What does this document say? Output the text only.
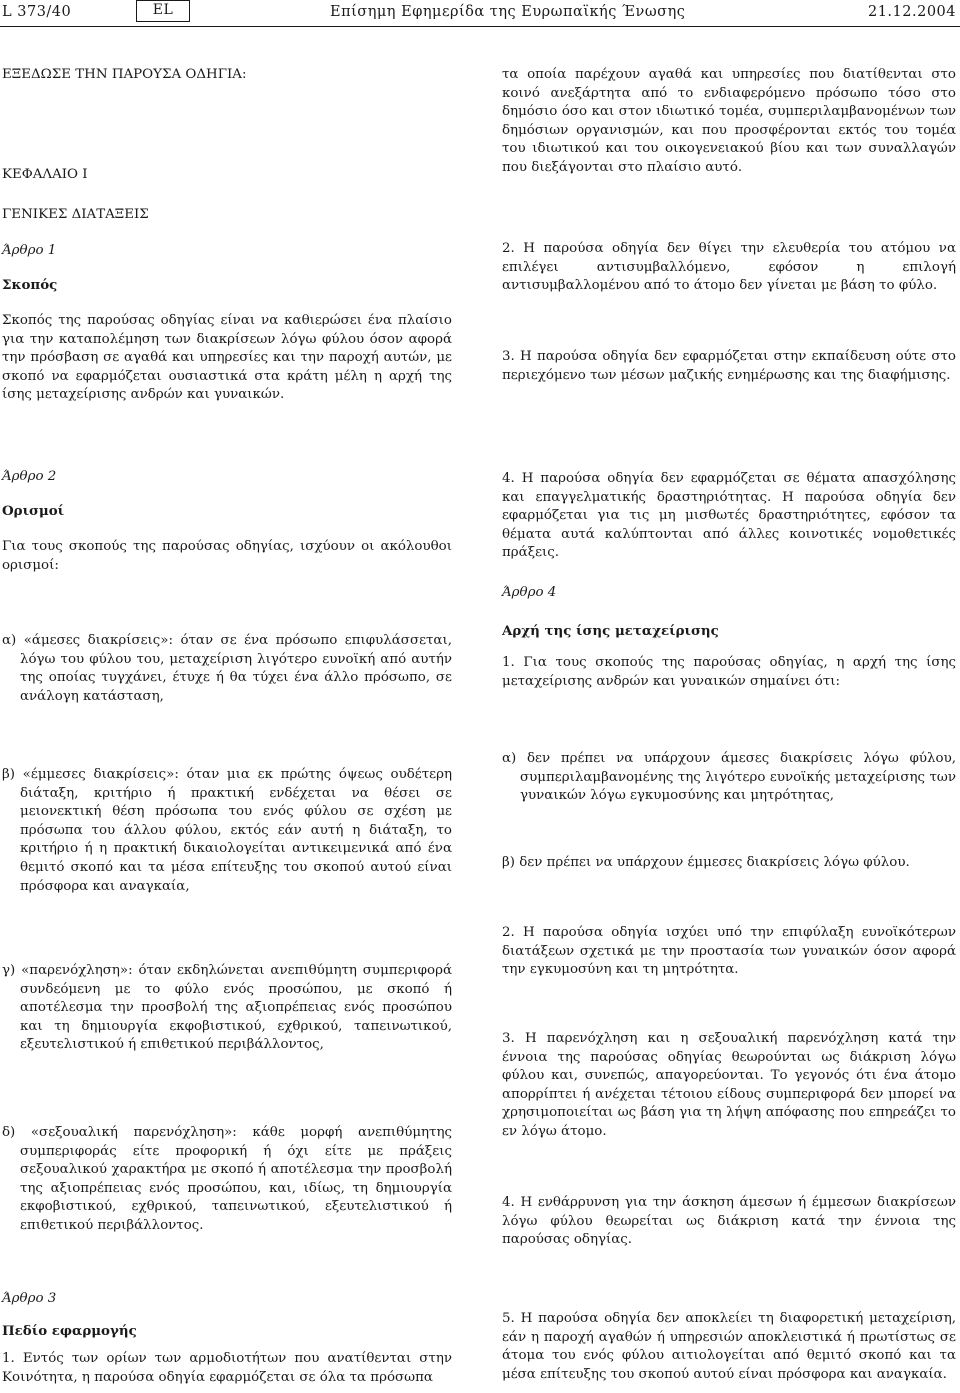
L 373/40	EL	Επίσημη Εφημερίδα της Ευρωπαϊκής Ένωσης	21.12.2004

ΕΞΕΔΩΣΕ ΤΗΝ ΠΑΡΟΥΣΑ ΟΔΗΓΙΑ:

ΚΕΦΑΛΑΙΟ I

ΓΕΝΙΚΕΣ ΔΙΑΤΑΞΕΙΣ

Άρθρο 1

Σκοπός

Σκοπός της παρούσας οδηγίας είναι να καθιερώσει ένα πλαίσιο για την καταπολέμηση των διακρίσεων λόγω φύλου όσον αφορά την πρόσβαση σε αγαθά και υπηρεσίες και την παροχή αυτών, με σκοπό να εφαρμόζεται ουσιαστικά στα κράτη μέλη η αρχή της ίσης μεταχείρισης ανδρών και γυναικών.

Άρθρο 2

Ορισμοί

Για τους σκοπούς της παρούσας οδηγίας, ισχύουν οι ακόλουθοι ορισμοί:

α) «άμεσες διακρίσεις»: όταν σε ένα πρόσωπο επιφυλάσσεται, λόγω του φύλου του, μεταχείριση λιγότερο ευνοϊκή από αυτήν της οποίας τυγχάνει, έτυχε ή θα τύχει ένα άλλο πρόσωπο, σε ανάλογη κατάσταση,

β) «έμμεσες διακρίσεις»: όταν μια εκ πρώτης όψεως ουδέτερη διάταξη, κριτήριο ή πρακτική ενδέχεται να θέσει σε μειονεκτική θέση πρόσωπα του ενός φύλου σε σχέση με πρόσωπα του άλλου φύλου, εκτός εάν αυτή η διάταξη, το κριτήριο ή η πρακτική δικαιολογείται αντικειμενικά από ένα θεμιτό σκοπό και τα μέσα επίτευξης του σκοπού αυτού είναι πρόσφορα και αναγκαία,

γ) «παρενόχληση»: όταν εκδηλώνεται ανεπιθύμητη συμπεριφορά συνδεόμενη με το φύλο ενός προσώπου, με σκοπό ή αποτέλεσμα την προσβολή της αξιοπρέπειας ενός προσώπου και τη δημιουργία εκφοβιστικού, εχθρικού, ταπεινωτικού, εξευτελιστικού ή επιθετικού περιβάλλοντος,

δ) «σεξουαλική παρενόχληση»: κάθε μορφή ανεπιθύμητης συμπεριφοράς είτε προφορική ή όχι είτε με πράξεις σεξουαλικού χαρακτήρα με σκοπό ή αποτέλεσμα την προσβολή της αξιοπρέπειας ενός προσώπου, και, ιδίως, τη δημιουργία εκφοβιστικού, εχθρικού, ταπεινωτικού, εξευτελιστικού ή επιθετικού περιβάλλοντος.

Άρθρο 3

Πεδίο εφαρμογής

1. Εντός των ορίων των αρμοδιοτήτων που ανατίθενται στην Κοινότητα, η παρούσα οδηγία εφαρμόζεται σε όλα τα πρόσωπα

τα οποία παρέχουν αγαθά και υπηρεσίες που διατίθενται στο κοινό ανεξάρτητα από το ενδιαφερόμενο πρόσωπο τόσο στο δημόσιο όσο και στον ιδιωτικό τομέα, συμπεριλαμβανομένων των δημόσιων οργανισμών, και που προσφέρονται εκτός του τομέα του ιδιωτικού και του οικογενειακού βίου και των συναλλαγών που διεξάγονται στο πλαίσιο αυτό.

2. Η παρούσα οδηγία δεν θίγει την ελευθερία του ατόμου να επιλέγει αντισυμβαλλόμενο, εφόσον η επιλογή αντισυμβαλλομένου από το άτομο δεν γίνεται με βάση το φύλο.

3. Η παρούσα οδηγία δεν εφαρμόζεται στην εκπαίδευση ούτε στο περιεχόμενο των μέσων μαζικής ενημέρωσης και της διαφήμισης.

4. Η παρούσα οδηγία δεν εφαρμόζεται σε θέματα απασχόλησης και επαγγελματικής δραστηριότητας. Η παρούσα οδηγία δεν εφαρμόζεται για τις μη μισθωτές δραστηριότητες, εφόσον τα θέματα αυτά καλύπτονται από άλλες κοινοτικές νομοθετικές πράξεις.

Άρθρο 4

Αρχή της ίσης μεταχείρισης

1. Για τους σκοπούς της παρούσας οδηγίας, η αρχή της ίσης μεταχείρισης ανδρών και γυναικών σημαίνει ότι:

α) δεν πρέπει να υπάρχουν άμεσες διακρίσεις λόγω φύλου, συμπεριλαμβανομένης της λιγότερο ευνοϊκής μεταχείρισης των γυναικών λόγω εγκυμοσύνης και μητρότητας,

β) δεν πρέπει να υπάρχουν έμμεσες διακρίσεις λόγω φύλου.

2. Η παρούσα οδηγία ισχύει υπό την επιφύλαξη ευνοϊκότερων διατάξεων σχετικά με την προστασία των γυναικών όσον αφορά την εγκυμοσύνη και τη μητρότητα.

3. Η παρενόχληση και η σεξουαλική παρενόχληση κατά την έννοια της παρούσας οδηγίας θεωρούνται ως διάκριση λόγω φύλου και, συνεπώς, απαγορεύονται. Το γεγονός ότι ένα άτομο απορρίπτει ή ανέχεται τέτοιου είδους συμπεριφορά δεν μπορεί να χρησιμοποιείται ως βάση για τη λήψη απόφασης που επηρεάζει το εν λόγω άτομο.

4. Η ενθάρρυνση για την άσκηση άμεσων ή έμμεσων διακρίσεων λόγω φύλου θεωρείται ως διάκριση κατά την έννοια της παρούσας οδηγίας.

5. Η παρούσα οδηγία δεν αποκλείει τη διαφορετική μεταχείριση, εάν η παροχή αγαθών ή υπηρεσιών αποκλειστικά ή πρωτίστως σε άτομα του ενός φύλου αιτιολογείται από θεμιτό σκοπό και τα μέσα επίτευξης του σκοπού αυτού είναι πρόσφορα και αναγκαία.
